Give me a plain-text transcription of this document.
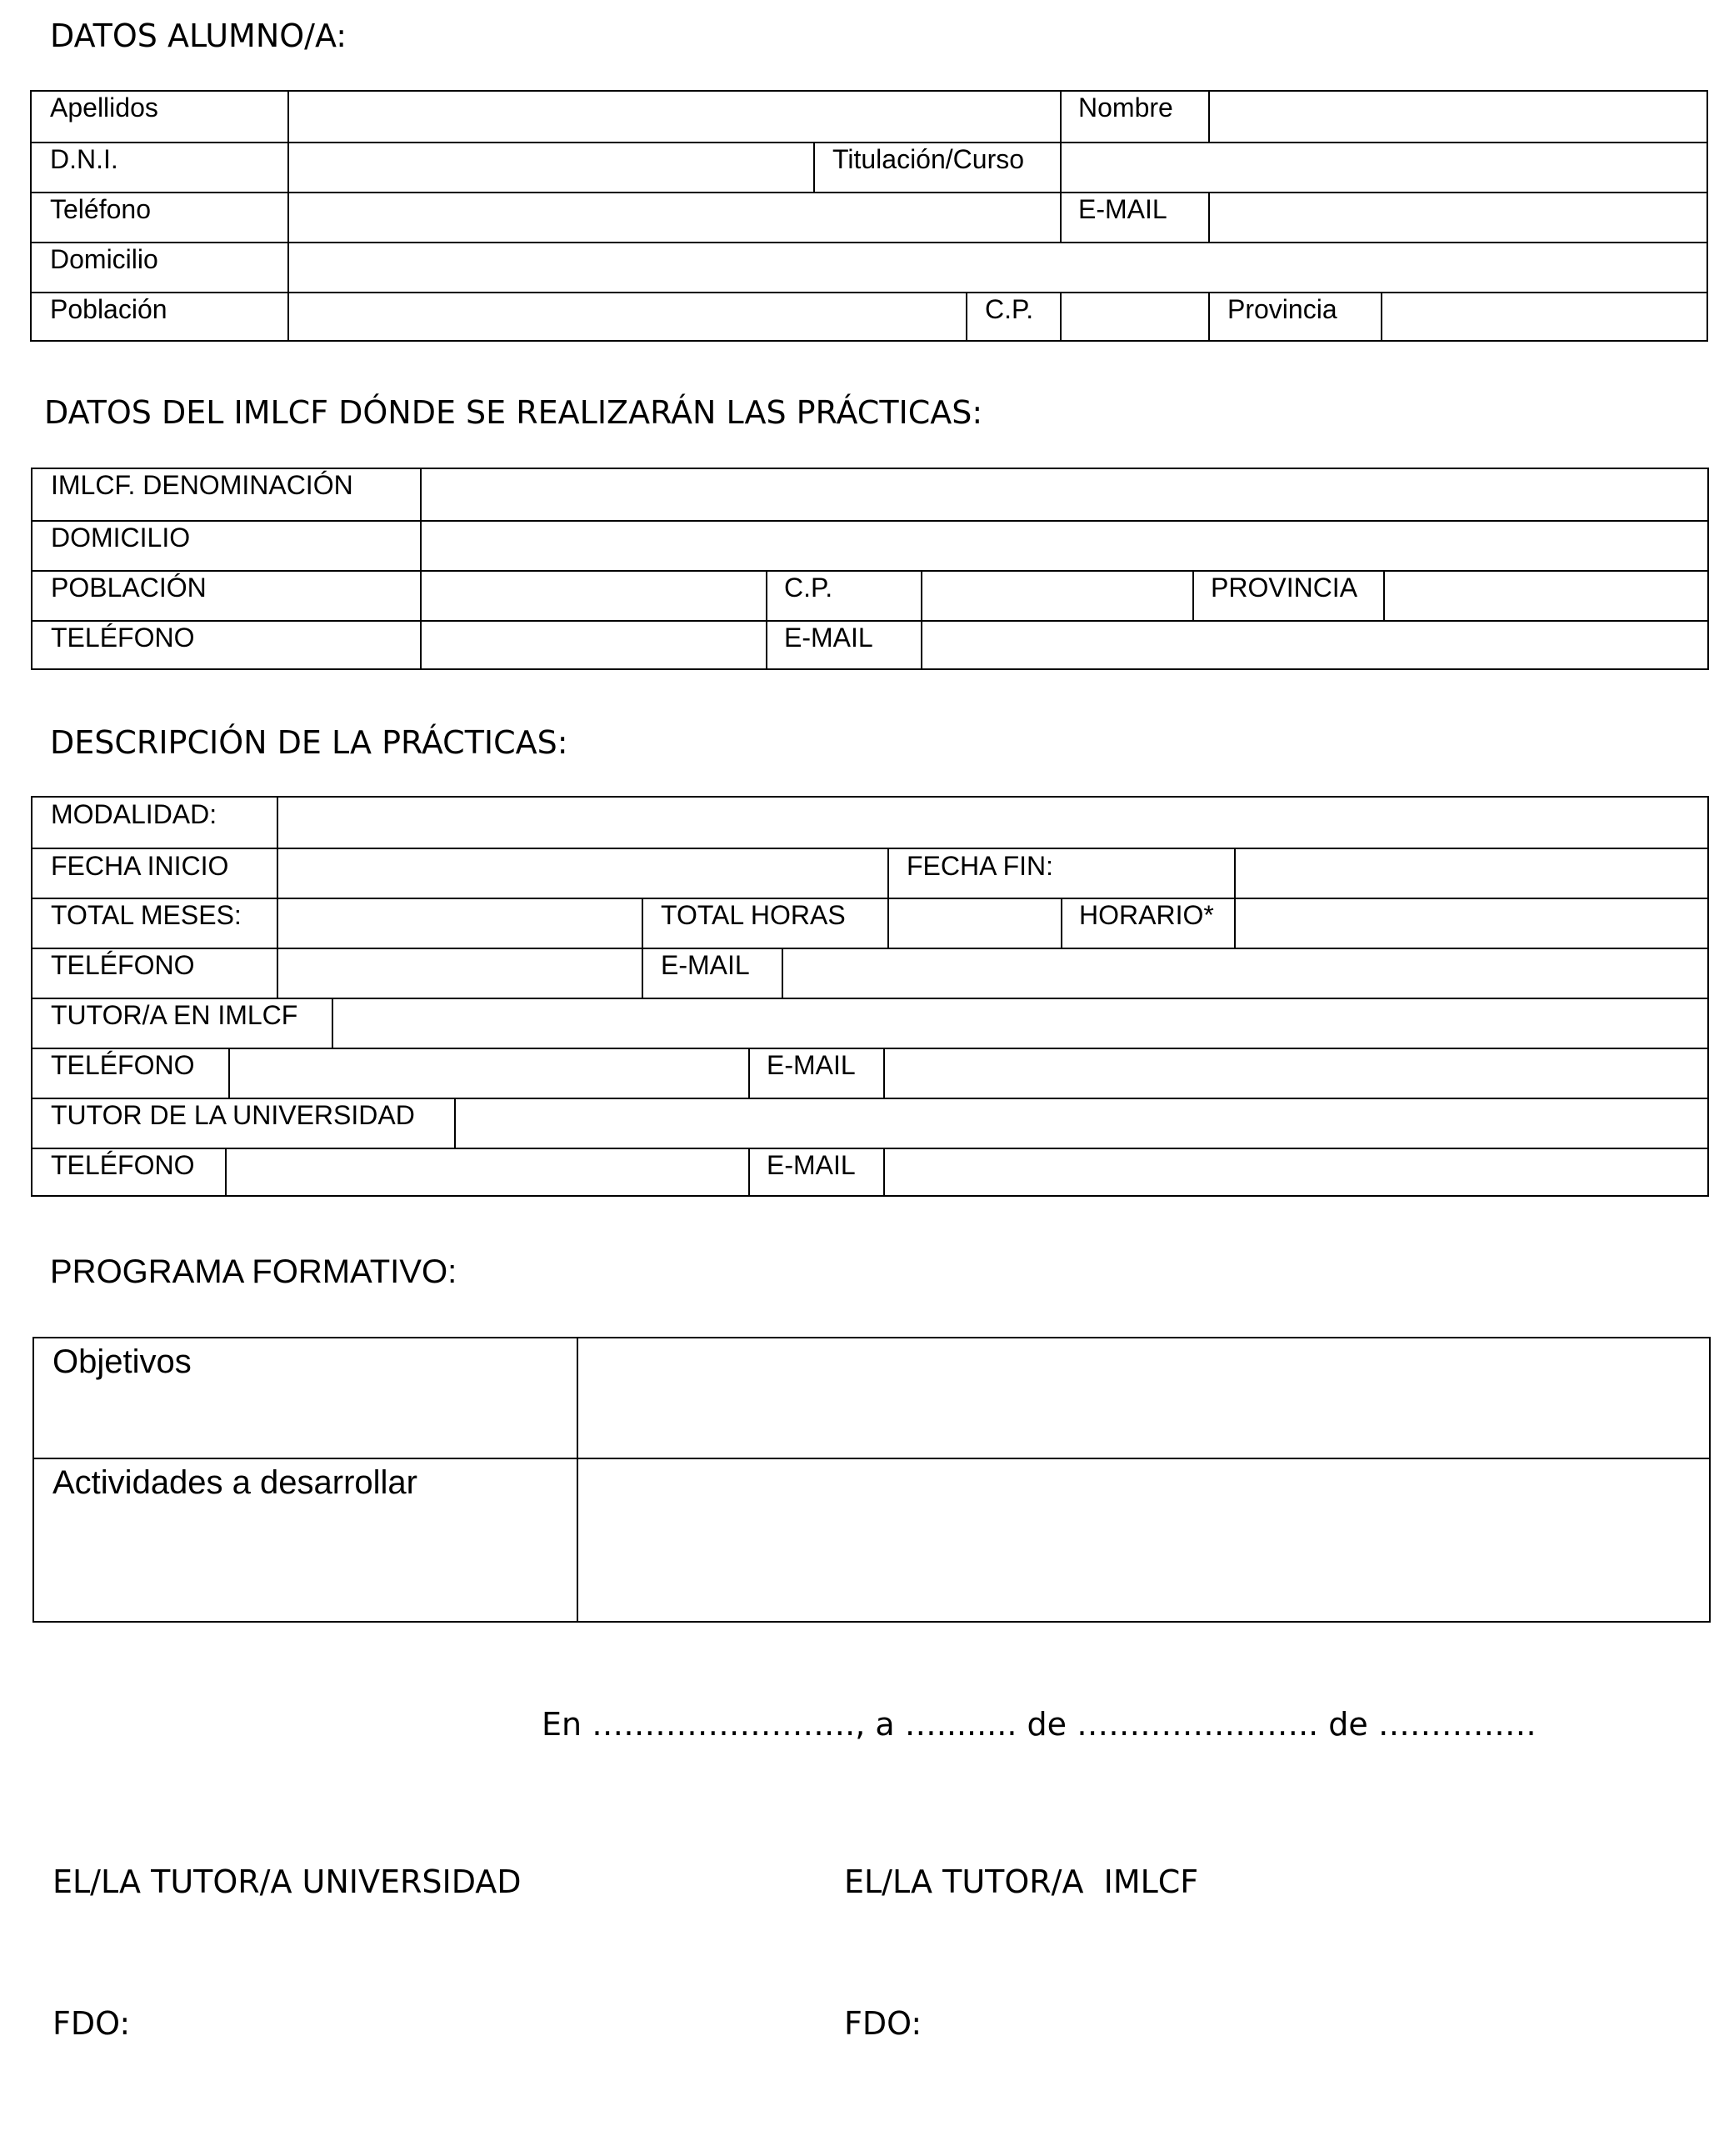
DATOS ALUMNO/A:
Apellidos	Nombre
D.N.I.	Titulación/Curso
Teléfono	E-MAIL
Domicilio
Población	C.P.	Provincia
DATOS DEL IMLCF DÓNDE SE REALIZARÁN LAS PRÁCTICAS:
IMLCF. DENOMINACIÓN
DOMICILIO
POBLACIÓN	C.P.	PROVINCIA
TELÉFONO	E-MAIL
DESCRIPCIÓN DE LA PRÁCTICAS:
MODALIDAD:
FECHA INICIO	FECHA FIN:
TOTAL MESES:	TOTAL HORAS	HORARIO*
TELÉFONO	E-MAIL
TUTOR/A EN IMLCF
TELÉFONO	E-MAIL
TUTOR DE LA UNIVERSIDAD
TELÉFONO	E-MAIL
PROGRAMA FORMATIVO:
Objetivos
Actividades a desarrollar
En ……………………., a …........ de ………………….. de ……………
EL/LA TUTOR/A UNIVERSIDAD	EL/LA TUTOR/A  IMLCF
FDO:	FDO:
